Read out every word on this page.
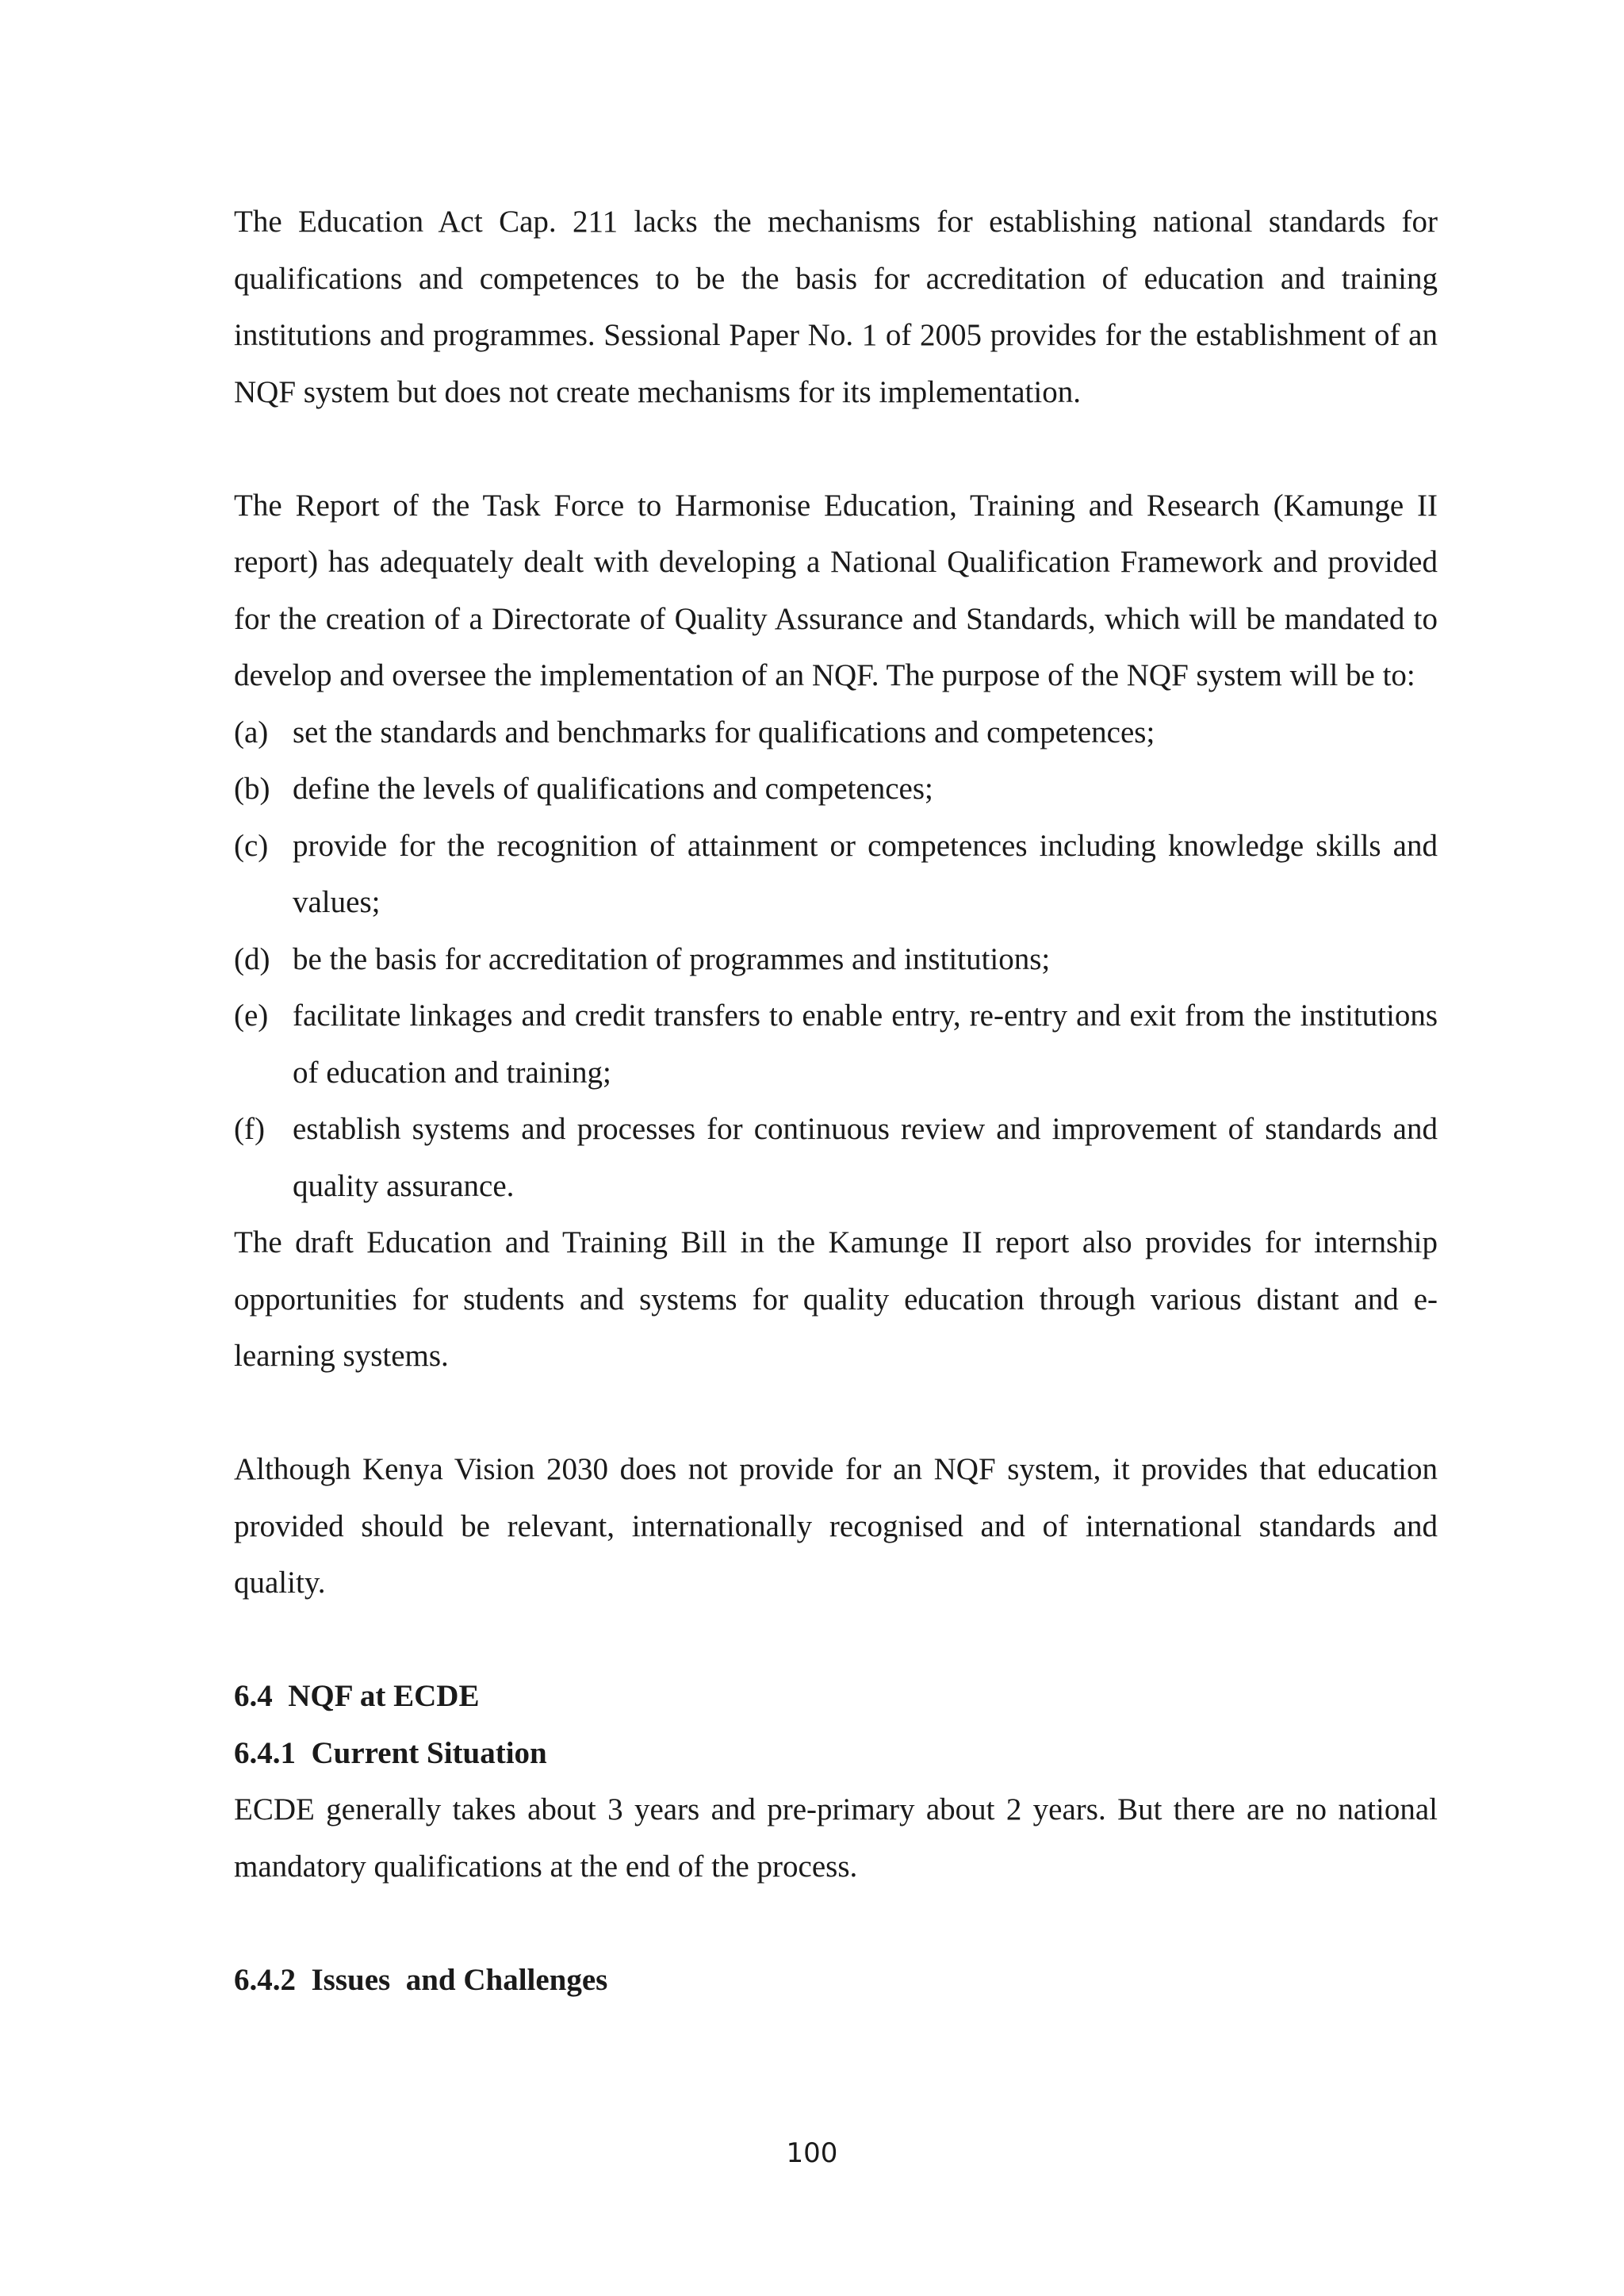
The Education Act Cap. 211 lacks the mechanisms for establishing national standards for qualifications and competences to be the basis for accreditation of education and training institutions and programmes. Sessional Paper No. 1 of 2005 provides for the establishment of an NQF system but does not create mechanisms for its implementation.

The Report of the Task Force to Harmonise Education, Training and Research (Kamunge II report) has adequately dealt with developing a National Qualification Framework and provided for the creation of a Directorate of Quality Assurance and Standards, which will be mandated to develop and oversee the implementation of an NQF. The purpose of the NQF system will be to:

(a) set the standards and benchmarks for qualifications and competences;
(b) define the levels of qualifications and competences;
(c) provide for the recognition of attainment or competences including knowledge skills and values;
(d) be the basis for accreditation of programmes and institutions;
(e) facilitate linkages and credit transfers to enable entry, re-entry and exit from the institutions of education and training;
(f) establish systems and processes for continuous review and improvement of standards and quality assurance.

The draft Education and Training Bill in the Kamunge II report also provides for internship opportunities for students and systems for quality education through various distant and e-learning systems.

Although Kenya Vision 2030 does not provide for an NQF system, it provides that education provided should be relevant, internationally recognised and of international standards and quality.

6.4  NQF at ECDE
6.4.1  Current Situation

ECDE generally takes about 3 years and pre-primary about 2 years. But there are no national mandatory qualifications at the end of the process.

6.4.2  Issues  and Challenges
100
